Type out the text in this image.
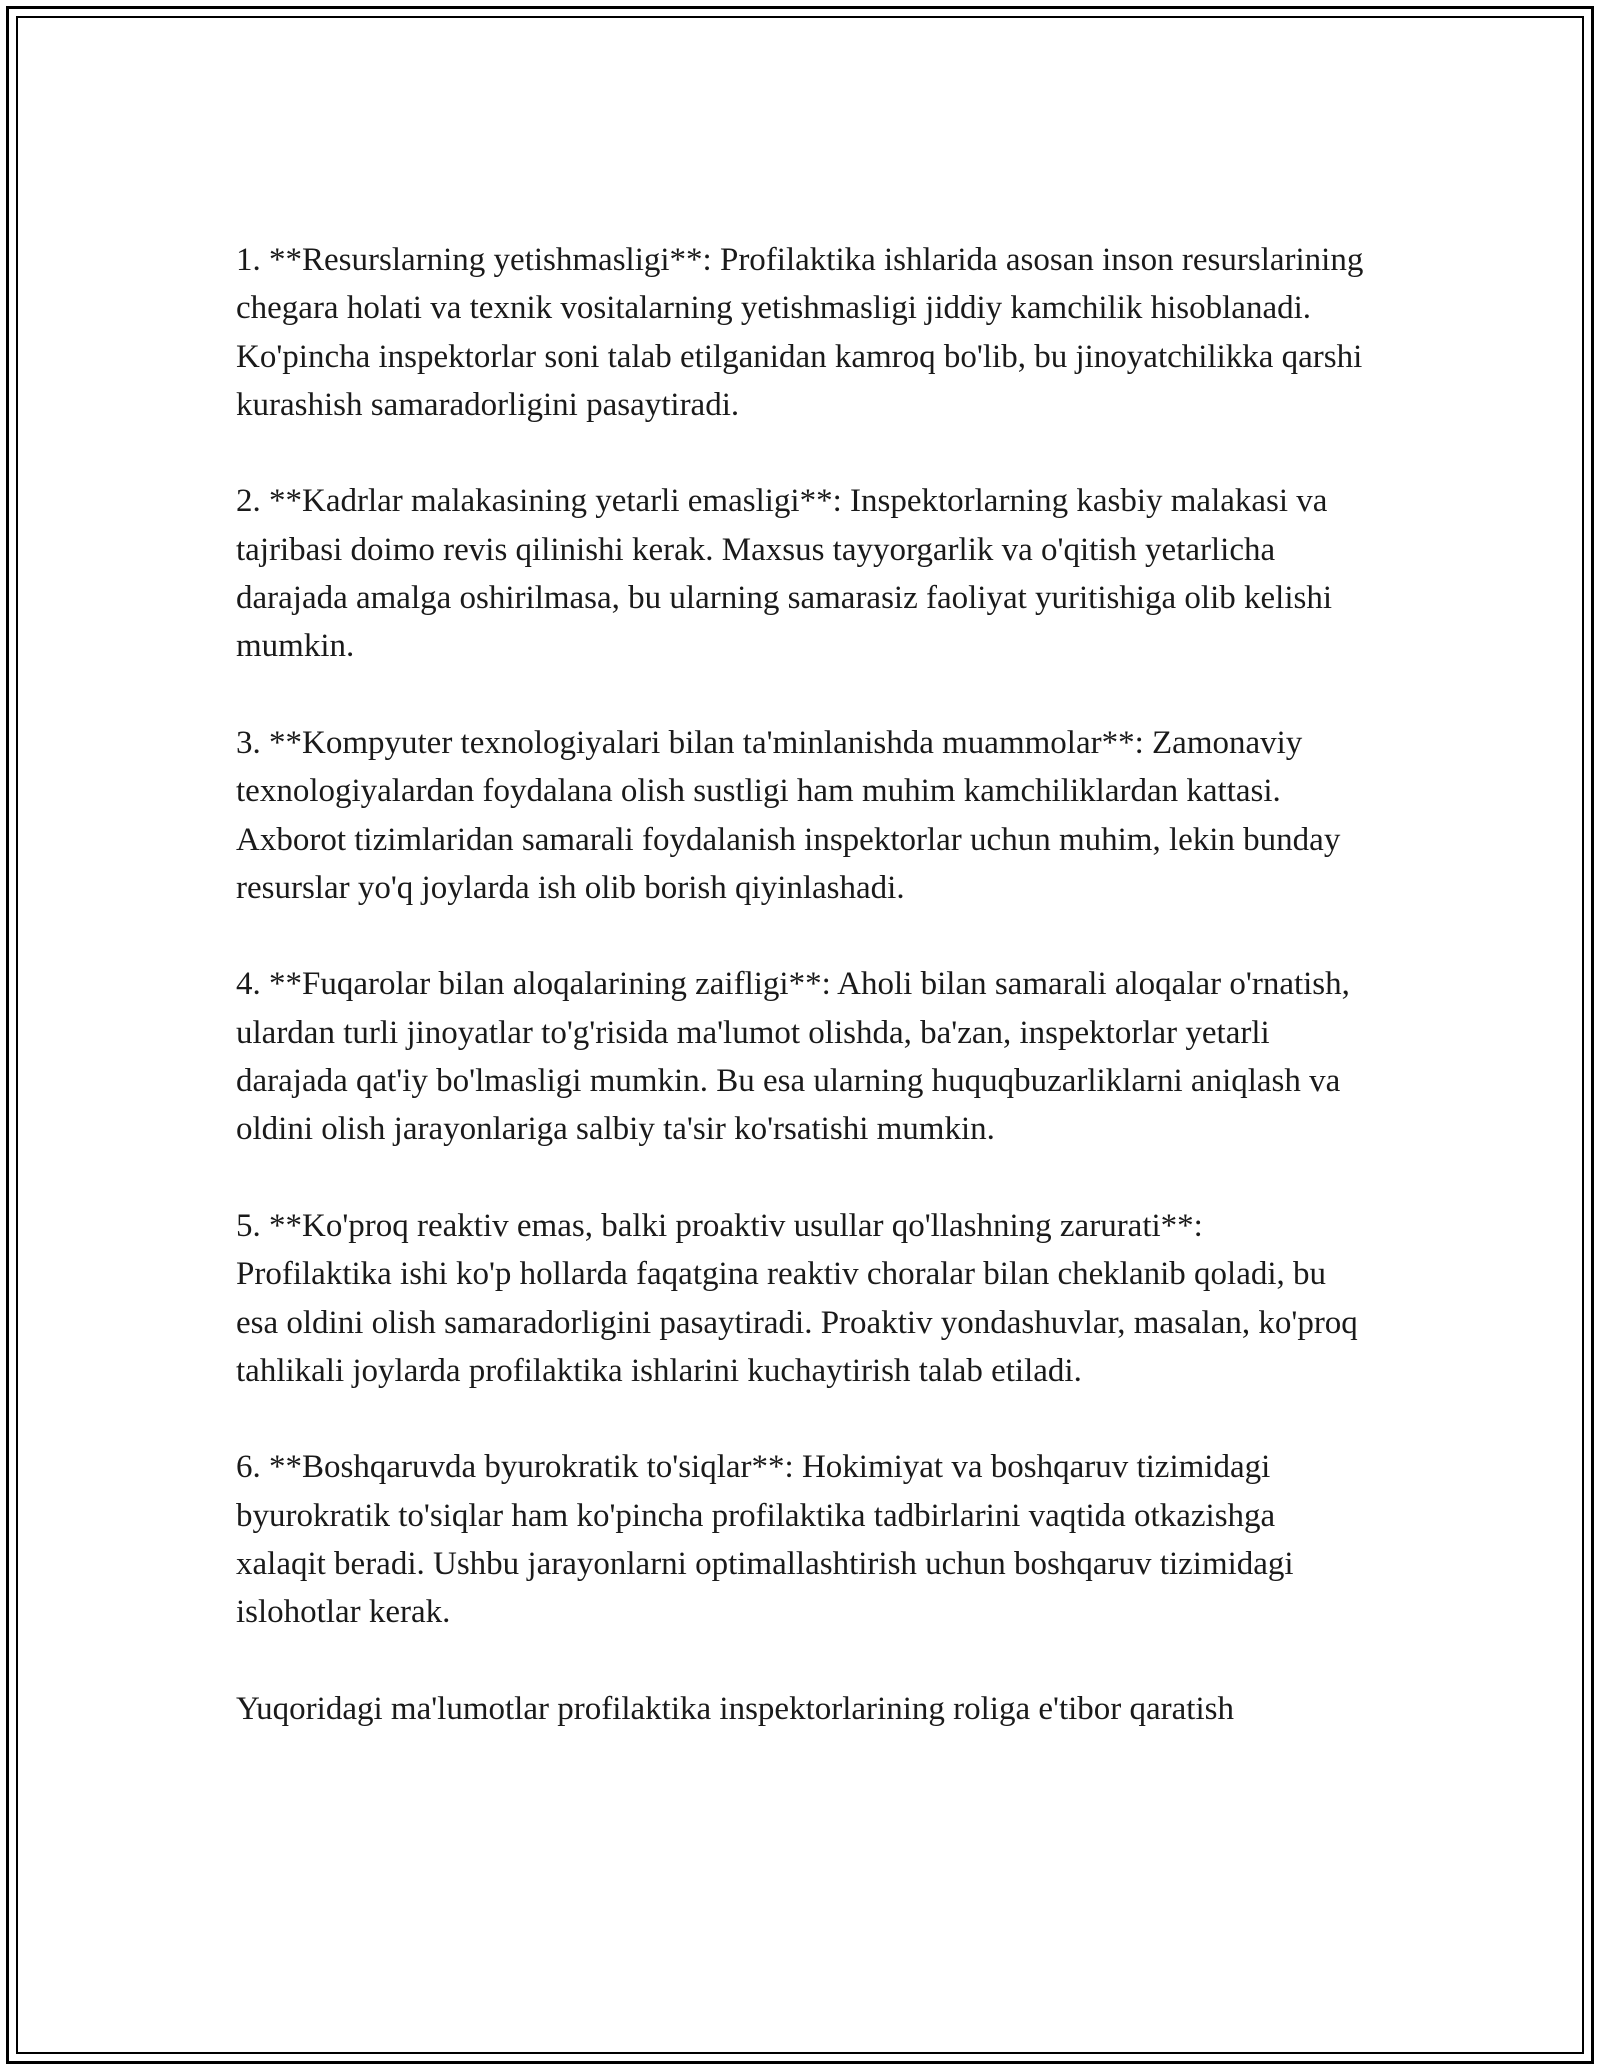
1. **Resurslarning yetishmasligi**: Profilaktika ishlarida asosan inson resurslarining chegara holati va texnik vositalarning yetishmasligi jiddiy kamchilik hisoblanadi. Ko'pincha inspektorlar soni talab etilganidan kamroq bo'lib, bu jinoyatchilikka qarshi kurashish samaradorligini pasaytiradi.

2. **Kadrlar malakasining yetarli emasligi**: Inspektorlarning kasbiy malakasi va tajribasi doimo revis qilinishi kerak. Maxsus tayyorgarlik va o'qitish yetarlicha darajada amalga oshirilmasa, bu ularning samarasiz faoliyat yuritishiga olib kelishi mumkin.

3. **Kompyuter texnologiyalari bilan ta'minlanishda muammolar**: Zamonaviy texnologiyalardan foydalana olish sustligi ham muhim kamchiliklardan kattasi. Axborot tizimlaridan samarali foydalanish inspektorlar uchun muhim, lekin bunday resurslar yo'q joylarda ish olib borish qiyinlashadi.

4. **Fuqarolar bilan aloqalarining zaifligi**: Aholi bilan samarali aloqalar o'rnatish, ulardan turli jinoyatlar to'g'risida ma'lumot olishda, ba'zan, inspektorlar yetarli darajada qat'iy bo'lmasligi mumkin. Bu esa ularning huquqbuzarliklarni aniqlash va oldini olish jarayonlariga salbiy ta'sir ko'rsatishi mumkin.

5. **Ko'proq reaktiv emas, balki proaktiv usullar qo'llashning zarurati**: Profilaktika ishi ko'p hollarda faqatgina reaktiv choralar bilan cheklanib qoladi, bu esa oldini olish samaradorligini pasaytiradi. Proaktiv yondashuvlar, masalan, ko'proq tahlikali joylarda profilaktika ishlarini kuchaytirish talab etiladi.

6. **Boshqaruvda byurokratik to'siqlar**: Hokimiyat va boshqaruv tizimidagi byurokratik to'siqlar ham ko'pincha profilaktika tadbirlarini vaqtida otkazishga xalaqit beradi. Ushbu jarayonlarni optimallashtirish uchun boshqaruv tizimidagi islohotlar kerak.

Yuqoridagi ma'lumotlar profilaktika inspektorlarining roliga e'tibor qaratish
